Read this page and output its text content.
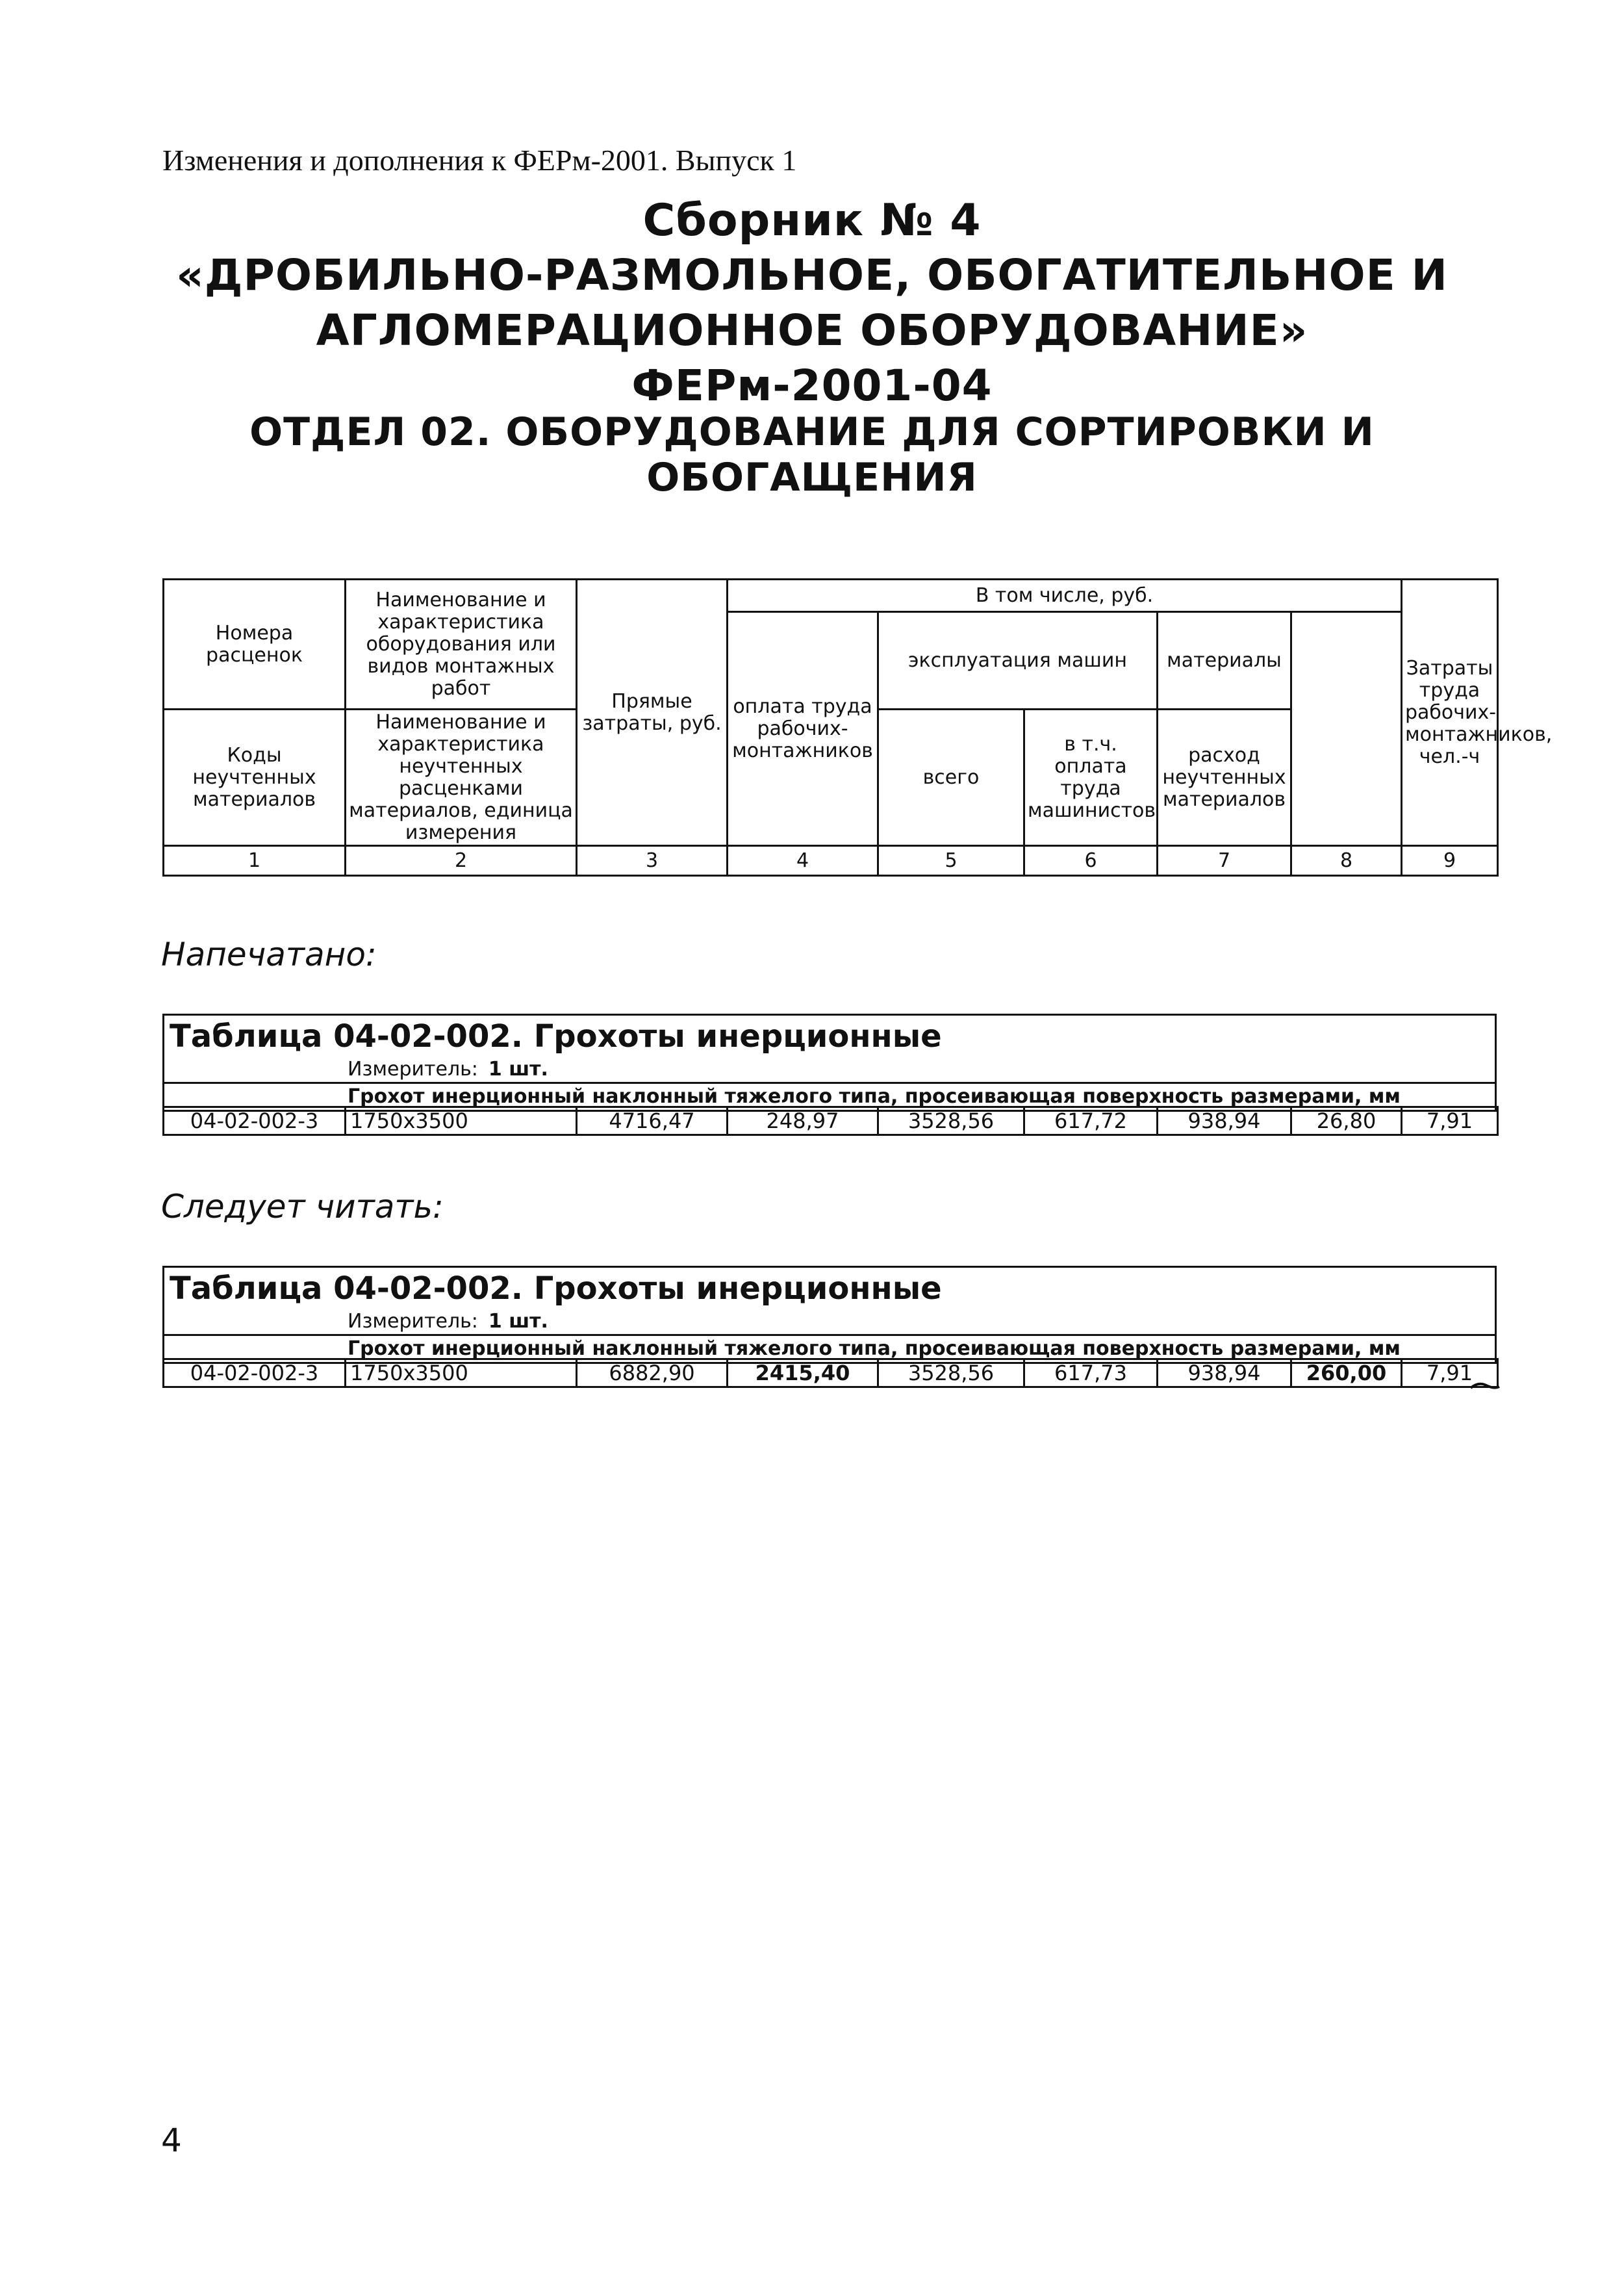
Изменения и дополнения к ФЕРм-2001. Выпуск 1
Сборник № 4
«ДРОБИЛЬНО-РАЗМОЛЬНОЕ, ОБОГАТИТЕЛЬНОЕ И
АГЛОМЕРАЦИОННОЕ ОБОРУДОВАНИЕ»
ФЕРм-2001-04
ОТДЕЛ 02. ОБОРУДОВАНИЕ ДЛЯ СОРТИРОВКИ И
ОБОГАЩЕНИЯ
Номера расценок	Наименование и характеристика оборудования или видов монтажных работ	Прямые затраты, руб.	В том числе, руб.					Затраты труда рабочих-монтажников, чел.-ч	
			оплата труда рабочих-монтажников	эксплуатация машин		материалы			

Коды неучтенных материалов	Наименование и характеристика неучтенных расценками материалов, единица измерения			всего	в т.ч. оплата труда машинистов	расход неучтенных материалов			

1	2	3	4	5	6	7	8	9	
Напечатано:
Таблица 04-02-002. Грохоты инерционные
Измеритель: 1 шт.
Грохот инерционный наклонный тяжелого типа, просеивающая поверхность размерами, мм
04-02-002-3	1750x3500	4716,47	248,97	3528,56	617,72	938,94	26,80	7,91
Следует читать:
Таблица 04-02-002. Грохоты инерционные
Измеритель: 1 шт.
Грохот инерционный наклонный тяжелого типа, просеивающая поверхность размерами, мм
04-02-002-3	1750x3500	6882,90	2415,40	3528,56	617,73	938,94	260,00	7,91
4
